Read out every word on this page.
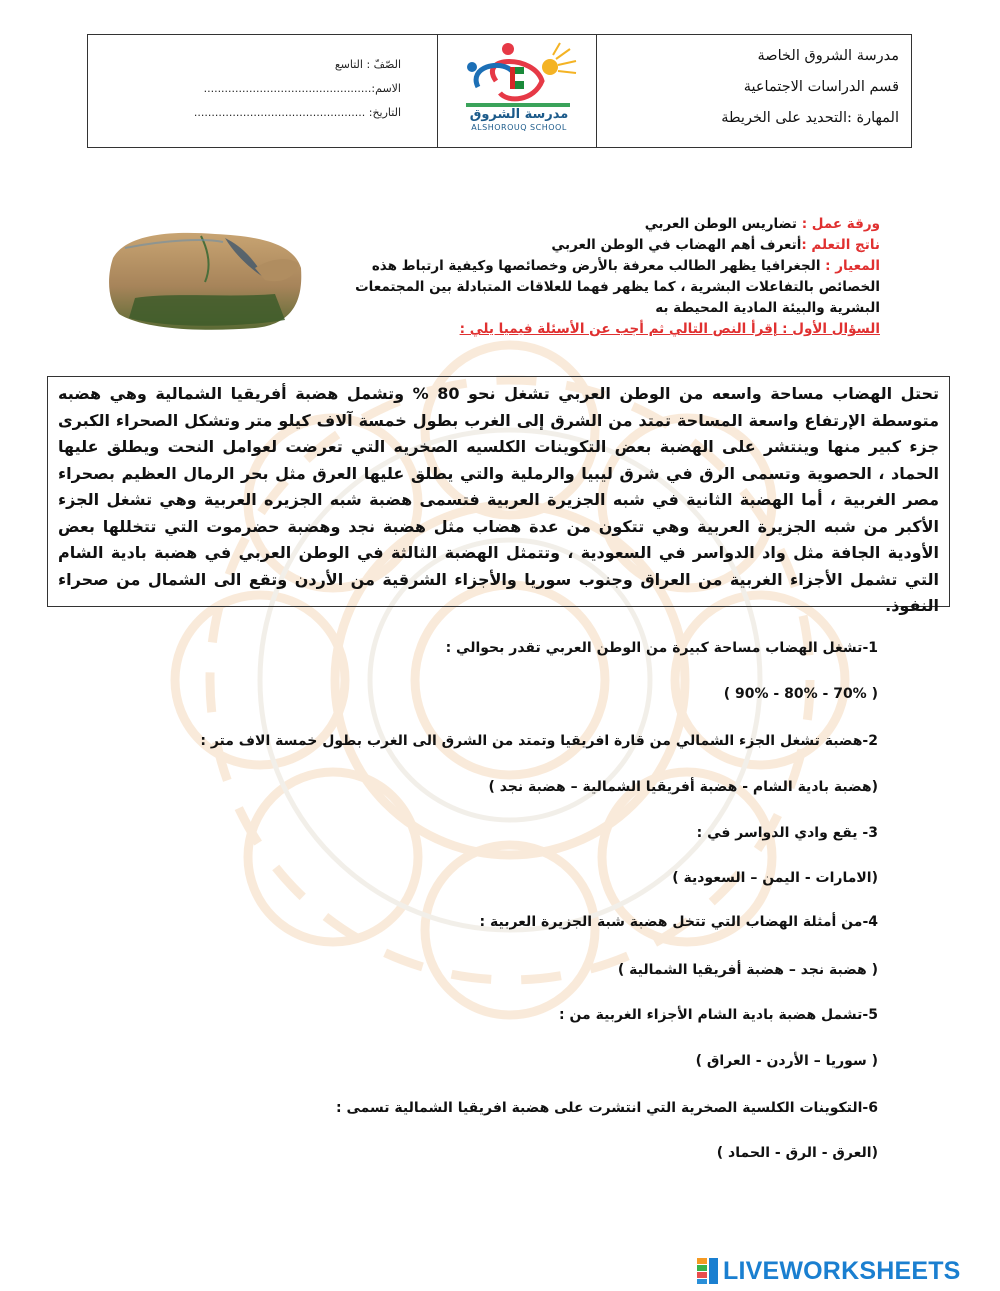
مدرسة الشروق الخاصة
قسم الدراسات الاجتماعية
المهارة :التحديد على الخريطة
مدرسة الشروق
ALSHOROUQ SCHOOL
الصّفّ : التاسع
الاسم:................................................
التاريخ: .................................................
ورقة عمل : تضاريس الوطن العربي
ناتج التعلم :أتعرف أهم الهضاب في الوطن العربي
المعيار : الجغرافيا يظهر الطالب معرفة بالأرض وخصائصها وكيفية ارتباط هذه
الخصائص بالتفاعلات البشرية ، كما يظهر فهما للعلاقات المتبادلة بين المجتمعات
البشرية والبيئة المادية المحيطة به
السؤال الأول : إقرأ النص التالي ثم أجب عن الأسئلة فيميا يلي :
تحتل الهضاب مساحة واسعه من الوطن العربي تشغل نحو 80 % وتشمل هضبة أفريقيا الشمالية وهي هضبه متوسطة الإرتفاع واسعة المساحة تمتد من الشرق إلى الغرب بطول خمسة آلاف كيلو متر وتشكل الصحراء الكبرى جزء كبير منها وينتشر على الهضبة بعض التكوينات الكلسيه الصخريه التي تعرضت لعوامل النحت ويطلق عليها الحماد ، الحصوية وتسمى الرق في شرق ليبيا والرملية والتي يطلق عليها العرق مثل بحر الرمال العظيم بصحراء مصر الغربية ، أما الهضبة الثانية في شبه الجزيرة العربية فتسمى هضبة شبه الجزيره العربية وهي تشغل الجزء الأكبر من شبه الجزيرة العربية وهي تتكون من عدة هضاب مثل هضبة نجد وهضبة حضرموت التي تتخللها بعض الأودية الجافة مثل واد الدواسر في السعودية ، وتتمثل الهضبة الثالثة في الوطن العربي في هضبة بادية الشام التي تشمل الأجزاء الغربية من العراق وجنوب سوريا والأجزاء الشرقية من الأردن وتقع الى الشمال من صحراء النفوذ.
1-تشغل الهضاب مساحة كبيرة من الوطن العربي تقدر بحوالي :
( 70% - 80% - 90% )
2-هضبة تشغل الجزء الشمالي من قارة افريقيا وتمتد من الشرق الى الغرب بطول خمسة الاف متر :
(هضبة بادية الشام - هضبة أفريقيا الشمالية – هضبة نجد )
3- يقع وادي الدواسر في :
(الامارات - اليمن – السعودية )
4-من أمثلة الهضاب التي تتخل هضبة شبة الجزيرة العربية :
( هضبة نجد – هضبة أفريقيا الشمالية )
5-تشمل هضبة بادية الشام الأجزاء الغربية من :
( سوريا – الأردن - العراق )
6-التكوينات الكلسية الصخرية التي انتشرت على هضبة افريقيا الشمالية تسمى :
(العرق - الرق - الحماد )
LIVEWORKSHEETS
